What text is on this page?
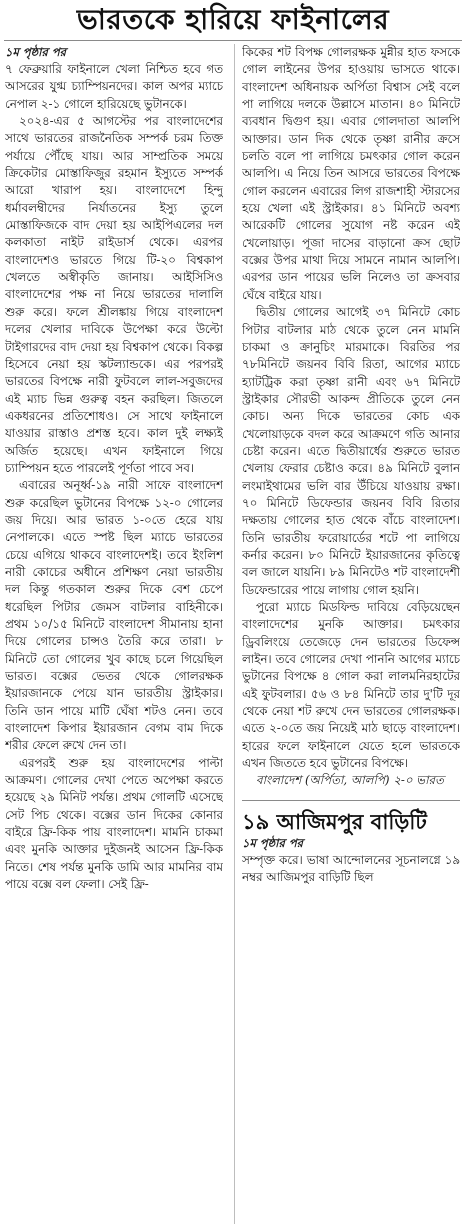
ভারতকে হারিয়ে ফাইনালের
১ম পৃষ্ঠার পর

৭ ফেব্রুয়ারি ফাইনালে খেলা নিশ্চিত হবে গত আসরের যুগ্ম চ্যাম্পিয়নদের। কাল অপর ম্যাচে নেপাল ২-১ গোলে হারিয়েছে ভুটানকে।

২০২৪-এর ৫ আগস্টের পর বাংলাদেশের সাথে ভারতের রাজনৈতিক সম্পর্ক চরম তিক্ত পর্যায়ে পৌঁছে যায়। আর সাম্প্রতিক সময়ে ক্রিকেটার মোস্তাফিজুর রহমান ইস্যুতে সম্পর্ক আরো খারাপ হয়। বাংলাদেশে হিন্দু ধর্মাবলম্বীদের নির্যাতনের ইস্যু তুলে মোস্তাফিজকে বাদ দেয়া হয় আইপিএলের দল কলকাতা নাইট রাইডার্স থেকে। এরপর বাংলাদেশও ভারতে গিয়ে টি-২০ বিশ্বকাপ খেলতে অস্বীকৃতি জানায়। আইসিসিও বাংলাদেশের পক্ষ না নিয়ে ভারতের দালালি শুরু করে। ফলে শ্রীলঙ্কায় গিয়ে বাংলাদেশ দলের খেলার দাবিকে উপেক্ষা করে উল্টো টাইগারদের বাদ দেয়া হয় বিশ্বকাপ থেকে। বিকল্প হিসেবে নেয়া হয় স্কটল্যান্ডকে। এর পরপরই ভারতের বিপক্ষে নারী ফুটবলে লাল-সবুজদের এই ম্যাচ ভিন্ন গুরুত্ব বহন করছিল। জিতলে একধরনের প্রতিশোধও। সে সাথে ফাইনালে যাওয়ার রাস্তাও প্রশস্ত হবে। কাল দুই লক্ষ্যই অর্জিত হয়েছে। এখন ফাইনালে গিয়ে চ্যাম্পিয়ন হতে পারলেই পূর্ণতা পাবে সব।

এবারের অনূর্ধ্ব-১৯ নারী সাফে বাংলাদেশ শুরু করেছিল ভুটানের বিপক্ষে ১২-০ গোলের জয় দিয়ে। আর ভারত ১-০তে হেরে যায় নেপালকে। এতে স্পষ্ট ছিল ম্যাচে ভারতের চেয়ে এগিয়ে থাকবে বাংলাদেশই। তবে ইংলিশ নারী কোচের অধীনে প্রশিক্ষণ নেয়া ভারতীয় দল কিন্তু গতকাল শুরুর দিকে বেশ চেপে ধরেছিল পিটার জেমস বাটলার বাহিনীকে। প্রথম ১০/১৫ মিনিটে বাংলাদেশ সীমানায় হানা দিয়ে গোলের চান্সও তৈরি করে তারা। ৮ মিনিটে তো গোলের খুব কাছে চলে গিয়েছিল ভারত। বক্সের ভেতর থেকে গোলরক্ষক ইয়ারজানকে পেয়ে যান ভারতীয় স্ট্রাইকার। তিনি ডান পায়ে মাটি ঘেঁষা শটও নেন। তবে বাংলাদেশ কিপার ইয়ারজান বেগম বাম দিকে শরীর ফেলে রুখে দেন তা।

এরপরই শুরু হয় বাংলাদেশের পাল্টা আক্রমণ। গোলের দেখা পেতে অপেক্ষা করতে হয়েছে ২৯ মিনিট পর্যন্ত। প্রথম গোলটি এসেছে সেট পিচ থেকে। বক্সের ডান দিকের কোনার বাইরে ফ্রি-কিক পায় বাংলাদেশ। মামনি চাকমা এবং মুনকি আক্তার দুইজনই আসেন ফ্রি-কিক নিতে। শেষ পর্যন্ত মুনকি ডামি আর মামনির বাম পায়ে বক্সে বল ফেলা। সেই ফ্রি-

কিকের শট বিপক্ষ গোলরক্ষক মুন্নীর হাত ফসকে গোল লাইনের উপর হাওয়ায় ভাসতে থাকে। বাংলাদেশ অধিনায়ক অর্পিতা বিশ্বাস সেই বলে পা লাগিয়ে দলকে উল্লাসে মাতান। ৪০ মিনিটে ব্যবধান দ্বিগুণ হয়। এবার গোলদাতা আলপি আক্তার। ডান দিক থেকে তৃষ্ণা রানীর ক্রসে চলতি বলে পা লাগিয়ে চমৎকার গোল করেন আলপি। এ নিয়ে তিন আসরে ভারতের বিপক্ষে গোল করলেন এবারের লিগ রাজশাহী স্টারসের হয়ে খেলা এই স্ট্রাইকার। ৪১ মিনিটে অবশ্য আরেকটি গোলের সুযোগ নষ্ট করেন এই খেলোয়াড়। পূজা দাসের বাড়ানো ক্রস ছোট বক্সের উপর মাথা দিয়ে সামনে নামান আলপি। এরপর ডান পায়ের ভলি নিলেও তা ক্রসবার ঘেঁষে বাইরে যায়।

দ্বিতীয় গোলের আগেই ৩৭ মিনিটে কোচ পিটার বাটলার মাঠ থেকে তুলে নেন মামনি চাকমা ও ক্রানুচিং মারমাকে। বিরতির পর ৭৮মিনিটে জয়নব বিবি রিতা, আগের ম্যাচে হ্যাটট্রিক করা তৃষ্ণা রানী এবং ৬৭ মিনিটে স্ট্রাইকার সৌরভী আকন্দ প্রীতিকে তুলে নেন কোচ। অন্য দিকে ভারতের কোচ এক খেলোয়াড়কে বদল করে আক্রমণে গতি আনার চেষ্টা করেন। এতে দ্বিতীয়ার্ধের শুরুতে ভারত খেলায় ফেরার চেষ্টাও করে। ৪৯ মিনিটে বুলান লংমাইথামের ভলি বার উঁচিয়ে যাওয়ায় রক্ষা। ৭০ মিনিটে ডিফেন্ডার জয়নব বিবি রিতার দক্ষতায় গোলের হাত থেকে বাঁচে বাংলাদেশ। তিনি ভারতীয় ফরোয়ার্ডের শটে পা লাগিয়ে কর্নার করেন। ৮০ মিনিটে ইয়ারজানের কৃতিত্বে বল জালে যায়নি। ৮৯ মিনিটেও শট বাংলাদেশী ডিফেন্ডারের পায়ে লাগায় গোল হয়নি।

পুরো ম্যাচে মিডফিল্ড দাবিয়ে বেড়িয়েছেন বাংলাদেশের মুনকি আক্তার। চমৎকার ড্রিবলিংয়ে তেজেড়ে দেন ভারতের ডিফেন্স লাইন। তবে গোলের দেখা পাননি আগের ম্যাচে ভুটানের বিপক্ষে ৪ গোল করা লালমনিরহাটের এই ফুটবলার। ৫৬ ও ৮৪ মিনিটে তার দু'টি দূর থেকে নেয়া শট রুখে দেন ভারতের গোলরক্ষক। এতে ২-০তে জয় নিয়েই মাঠ ছাড়ে বাংলাদেশ। হারের ফলে ফাইনালে যেতে হলে ভারতকে এখন জিততে হবে ভুটানের বিপক্ষে।

বাংলাদেশ (অর্পিতা, আলপি) ২-০ ভারত

১৯ আজিমপুর বাড়িটি
১ম পৃষ্ঠার পর

সম্পৃক্ত করে। ভাষা আন্দোলনের সূচনালগ্নে ১৯ নম্বর আজিমপুর বাড়িটি ছিল
